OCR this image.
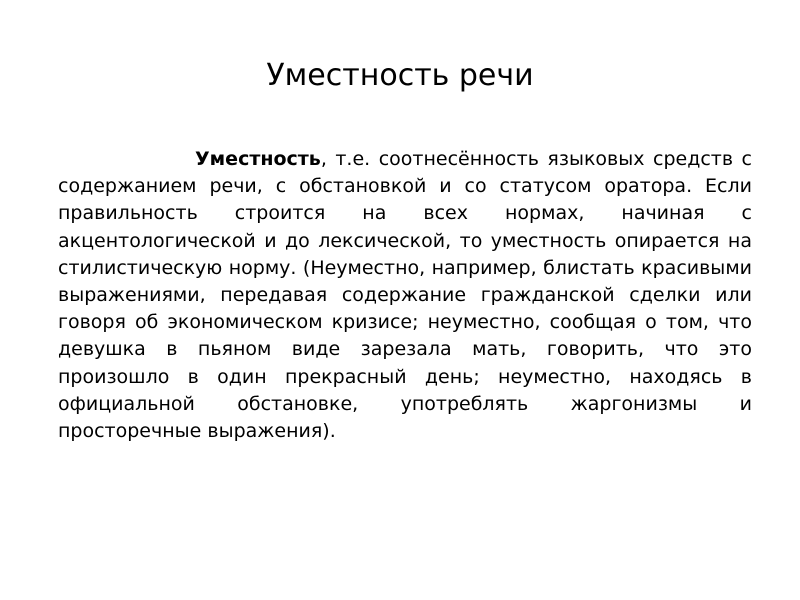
Уместность речи

Уместность, т.е. соотнесённость языковых средств с содержанием речи, с обстановкой и со статусом оратора. Если правильность строится на всех нормах, начиная с акцентологической и до лексической, то уместность опирается на стилистическую норму. (Неуместно, например, блистать красивыми выражениями, передавая содержание гражданской сделки или говоря об экономическом кризисе; неуместно, сообщая о том, что девушка в пьяном виде зарезала мать, говорить, что это произошло в один прекрасный день; неуместно, находясь в официальной обстановке, употреблять жаргонизмы и просторечные выражения).
